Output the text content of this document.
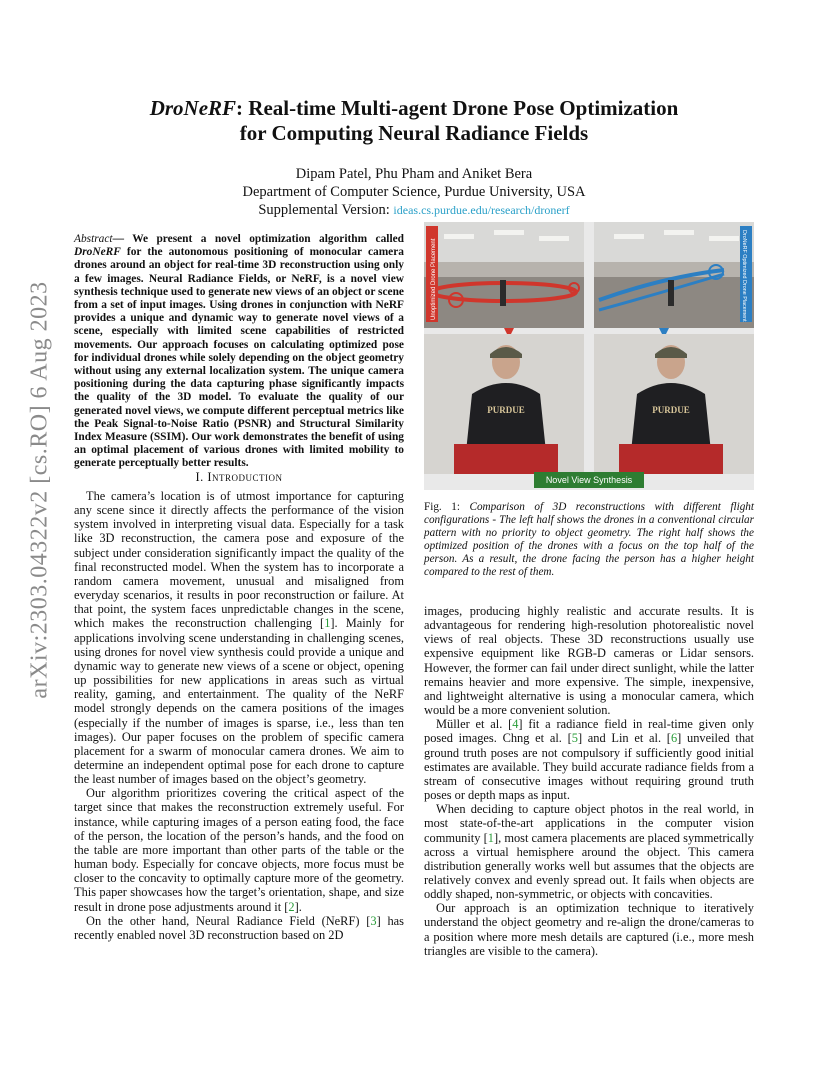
arXiv:2303.04322v2 [cs.RO] 6 Aug 2023
DroNeRF: Real-time Multi-agent Drone Pose Optimization
for Computing Neural Radiance Fields
Dipam Patel, Phu Pham and Aniket Bera
Department of Computer Science, Purdue University, USA
Supplemental Version: ideas.cs.purdue.edu/research/dronerf
Abstract— We present a novel optimization algorithm called DroNeRF for the autonomous positioning of monocular camera drones around an object for real-time 3D reconstruction using only a few images. Neural Radiance Fields, or NeRF, is a novel view synthesis technique used to generate new views of an object or scene from a set of input images. Using drones in conjunction with NeRF provides a unique and dynamic way to generate novel views of a scene, especially with limited scene capabilities of restricted movements. Our approach focuses on calculating optimized pose for individual drones while solely depending on the object geometry without using any external localization system. The unique camera positioning during the data capturing phase significantly impacts the quality of the 3D model. To evaluate the quality of our generated novel views, we compute different perceptual metrics like the Peak Signal-to-Noise Ratio (PSNR) and Structural Similarity Index Measure (SSIM). Our work demonstrates the benefit of using an optimal placement of various drones with limited mobility to generate perceptually better results.
I. Introduction

The camera’s location is of utmost importance for capturing any scene since it directly affects the performance of the vision system involved in interpreting visual data. Especially for a task like 3D reconstruction, the camera pose and exposure of the subject under consideration significantly impact the quality of the final reconstructed model. When the system has to incorporate a random camera movement, unusual and misaligned from everyday scenarios, it results in poor reconstruction or failure. At that point, the system faces unpredictable changes in the scene, which makes the reconstruction challenging [1]. Mainly for applications involving scene understanding in challenging scenes, using drones for novel view synthesis could provide a unique and dynamic way to generate new views of a scene or object, opening up possibilities for new applications in areas such as virtual reality, gaming, and entertainment. The quality of the NeRF model strongly depends on the camera positions of the images (especially if the number of images is sparse, i.e., less than ten images). Our paper focuses on the problem of specific camera placement for a swarm of monocular camera drones. We aim to determine an independent optimal pose for each drone to capture the least number of images based on the object’s geometry.

Our algorithm prioritizes covering the critical aspect of the target since that makes the reconstruction extremely useful. For instance, while capturing images of a person eating food, the face of the person, the location of the person’s hands, and the food on the table are more important than other parts of the table or the human body. Especially for concave objects, more focus must be closer to the concavity to optimally capture more of the geometry. This paper showcases how the target’s orientation, shape, and size result in drone pose adjustments around it [2].

On the other hand, Neural Radiance Field (NeRF) [3] has recently enabled novel 3D reconstruction based on 2D

Unoptimized Drone Placement	DroNeRF Optimized Drone Placement
PURDUE	PURDUE
Novel View Synthesis
Fig. 1: Comparison of 3D reconstructions with different flight configurations - The left half shows the drones in a conventional circular pattern with no priority to object geometry. The right half shows the optimized position of the drones with a focus on the top half of the person. As a result, the drone facing the person has a higher height compared to the rest of them.

images, producing highly realistic and accurate results. It is advantageous for rendering high-resolution photorealistic novel views of real objects. These 3D reconstructions usually use expensive equipment like RGB-D cameras or Lidar sensors. However, the former can fail under direct sunlight, while the latter remains heavier and more expensive. The simple, inexpensive, and lightweight alternative is using a monocular camera, which would be a more convenient solution.

Müller et al. [4] fit a radiance field in real-time given only posed images. Chng et al. [5] and Lin et al. [6] unveiled that ground truth poses are not compulsory if sufficiently good initial estimates are available. They build accurate radiance fields from a stream of consecutive images without requiring ground truth poses or depth maps as input.

When deciding to capture object photos in the real world, in most state-of-the-art applications in the computer vision community [1], most camera placements are placed symmetrically across a virtual hemisphere around the object. This camera distribution generally works well but assumes that the objects are relatively convex and evenly spread out. It fails when objects are oddly shaped, non-symmetric, or objects with concavities.

Our approach is an optimization technique to iteratively understand the object geometry and re-align the drone/cameras to a position where more mesh details are captured (i.e., more mesh triangles are visible to the camera).
